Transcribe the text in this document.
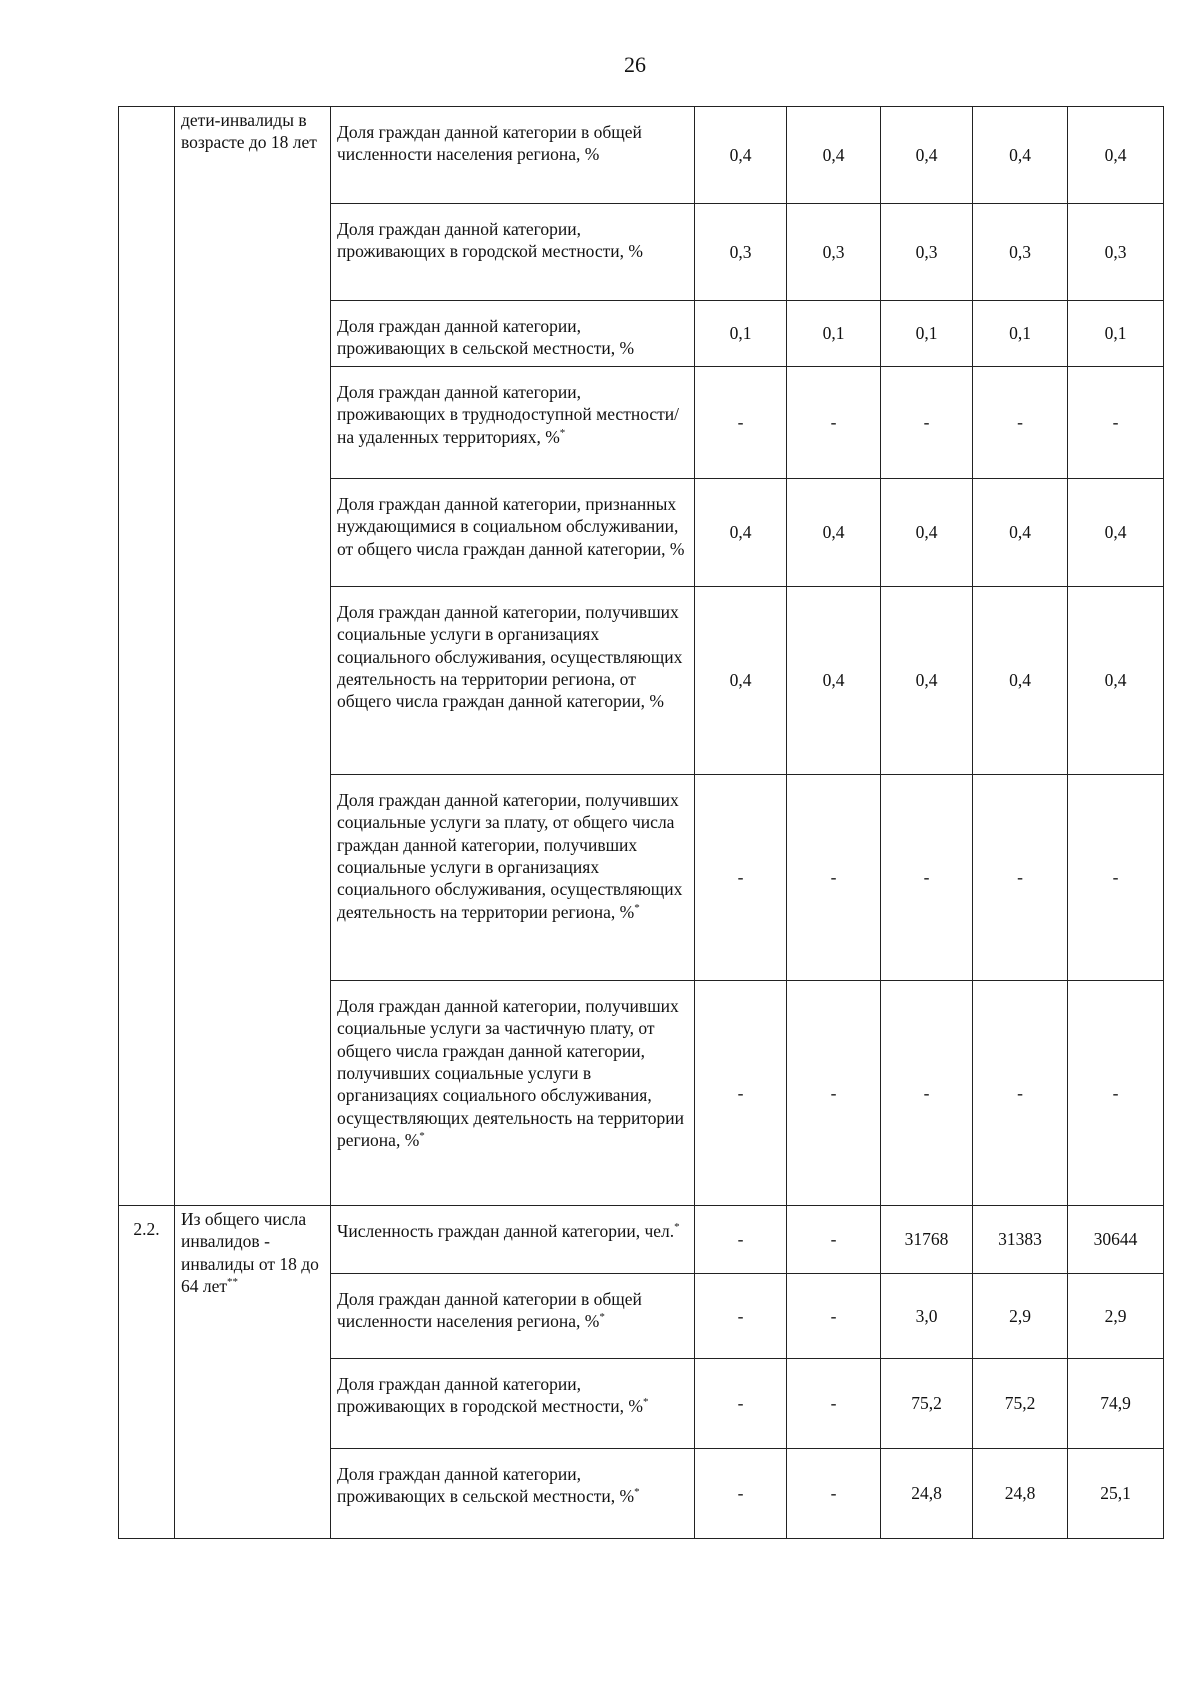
26
	дети-инвалиды в возрасте до 18 лет	Доля граждан данной категории в общей численности населения региона, %	0,4	0,4	0,4	0,4	0,4
		Доля граждан данной категории, проживающих в городской местности, %	0,3	0,3	0,3	0,3	0,3
		Доля граждан данной категории, проживающих в сельской местности, %	0,1	0,1	0,1	0,1	0,1
		Доля граждан данной категории, проживающих в труднодоступной местности/на удаленных территориях, %*	-	-	-	-	-
		Доля граждан данной категории, признанных нуждающимися в социальном обслуживании, от общего числа граждан данной категории, %	0,4	0,4	0,4	0,4	0,4
		Доля граждан данной категории, получивших социальные услуги в организациях социального обслуживания, осуществляющих деятельность на территории региона, от общего числа граждан данной категории, %	0,4	0,4	0,4	0,4	0,4
		Доля граждан данной категории, получивших социальные услуги за плату, от общего числа граждан данной категории, получивших социальные услуги в организациях социального обслуживания, осуществляющих деятельность на территории региона, %*	-	-	-	-	-
		Доля граждан данной категории, получивших социальные услуги за частичную плату, от общего числа граждан данной категории, получивших социальные услуги в организациях социального обслуживания, осуществляющих деятельность на территории региона, %*	-	-	-	-	-
2.2.	Из общего числа инвалидов - инвалиды от 18 до 64 лет**	Численность граждан данной категории, чел.*	-	-	31768	31383	30644
		Доля граждан данной категории в общей численности населения региона, %*	-	-	3,0	2,9	2,9
		Доля граждан данной категории, проживающих в городской местности, %*	-	-	75,2	75,2	74,9
		Доля граждан данной категории, проживающих в сельской местности, %*	-	-	24,8	24,8	25,1
